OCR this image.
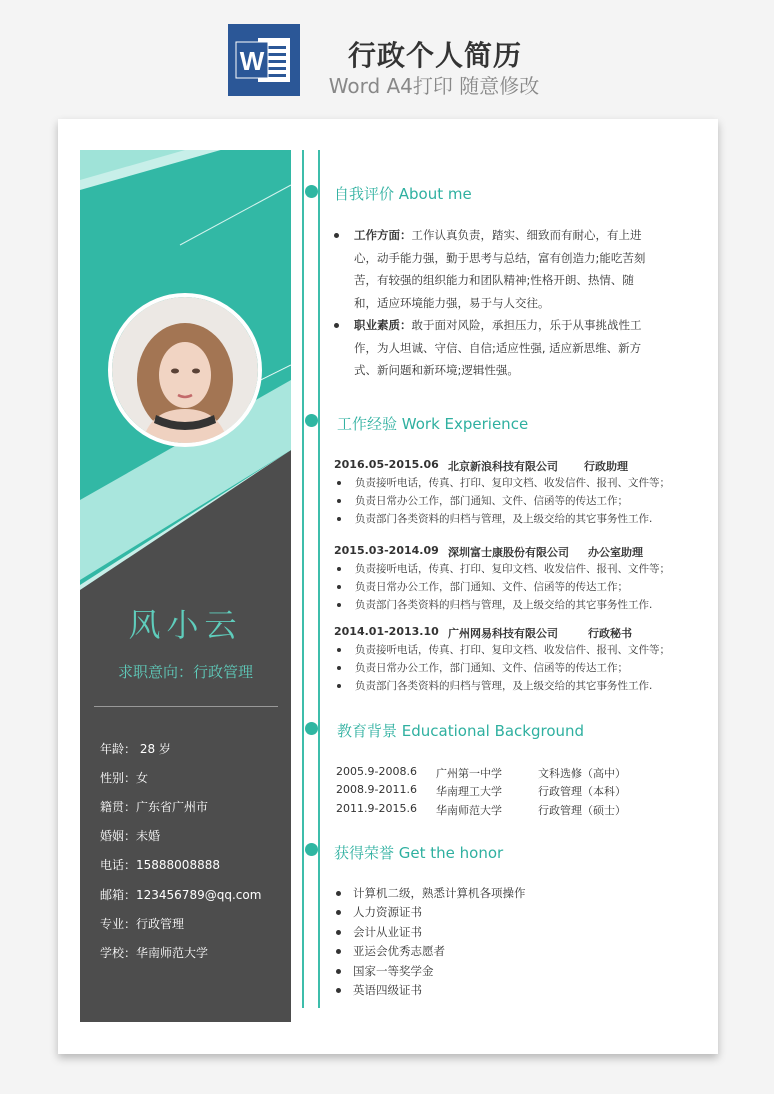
W	行政个人简历
Word A4打印 随意修改
风小云
求职意向：行政管理
年龄： 28 岁
性别：女
籍贯：广东省广州市
婚姻：未婚
电话：15888008888
邮箱：123456789@qq.com
专业：行政管理
学校：华南师范大学
自我评价 About me
工作方面：工作认真负责，踏实、细致而有耐心，有上进心，动手能力强，勤于思考与总结，富有创造力;能吃苦刻苦，有较强的组织能力和团队精神;性格开朗、热情、随和，适应环境能力强，易于与人交往。
职业素质：敢于面对风险，承担压力，乐于从事挑战性工作，为人坦诚、守信、自信;适应性强, 适应新思维、新方式、新问题和新环境;逻辑性强。
工作经验 Work Experience
2016.05-2015.06 北京新浪科技有限公司 行政助理
负责接听电话，传真、打印、复印文档、收发信件、报刊、文件等；
负责日常办公工作，部门通知、文件、信函等的传达工作；
负责部门各类资料的归档与管理，及上级交给的其它事务性工作.
2015.03-2014.09 深圳富士康股份有限公司 办公室助理
负责接听电话，传真、打印、复印文档、收发信件、报刊、文件等；
负责日常办公工作，部门通知、文件、信函等的传达工作；
负责部门各类资料的归档与管理，及上级交给的其它事务性工作.
2014.01-2013.10 广州网易科技有限公司	行政秘书
负责接听电话，传真、打印、复印文档、收发信件、报刊、文件等；
负责日常办公工作，部门通知、文件、信函等的传达工作；
负责部门各类资料的归档与管理，及上级交给的其它事务性工作.
教育背景 Educational Background
2005.9-2008.6 广州第一中学	文科选修（高中）
2008.9-2011.6 华南理工大学	行政管理（本科）
2011.9-2015.6 华南师范大学	行政管理（硕士）
获得荣誉 Get the honor
计算机二级，熟悉计算机各项操作
人力资源证书
会计从业证书
亚运会优秀志愿者
国家一等奖学金
英语四级证书
